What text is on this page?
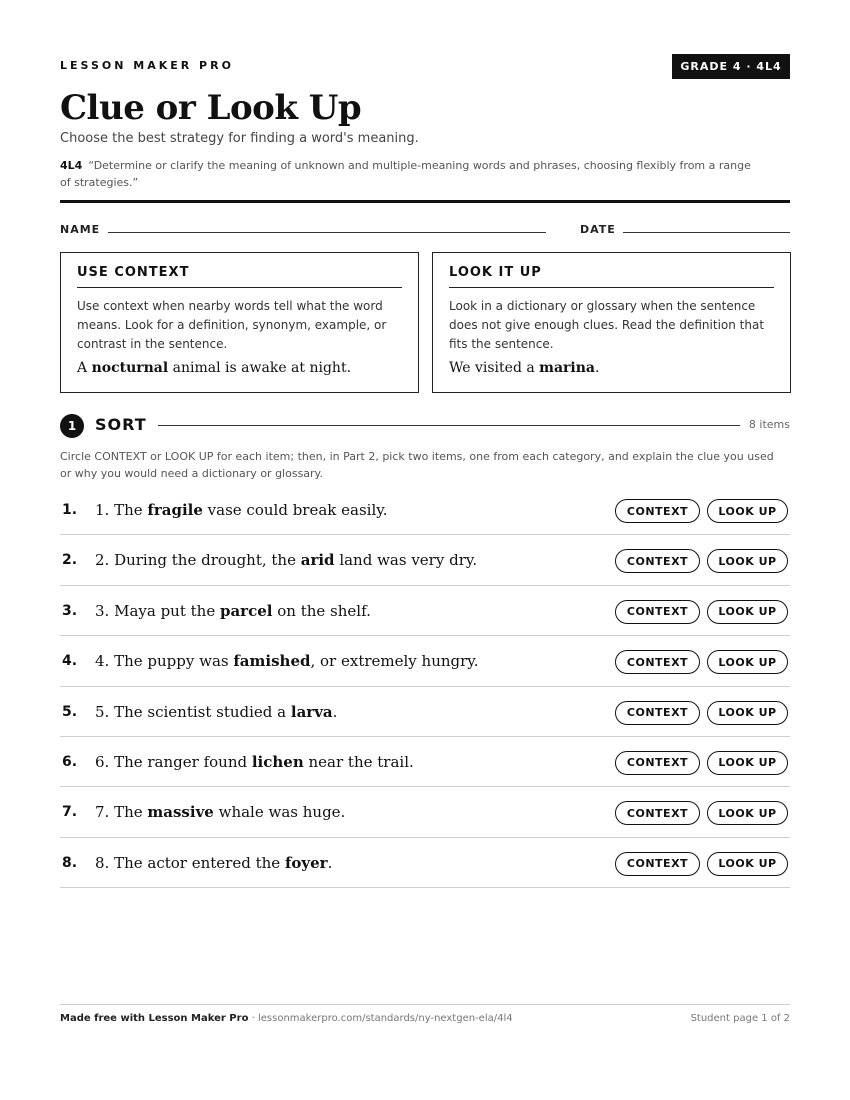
LESSON MAKER PRO	GRADE 4 · 4L4
Clue or Look Up
Choose the best strategy for finding a word's meaning.
4L4 “Determine or clarify the meaning of unknown and multiple-meaning words and phrases, choosing flexibly from a range of strategies.”
NAME	DATE
USE CONTEXT
Use context when nearby words tell what the word means. Look for a definition, synonym, example, or contrast in the sentence.
A nocturnal animal is awake at night.
LOOK IT UP
Look in a dictionary or glossary when the sentence does not give enough clues. Read the definition that fits the sentence.
We visited a marina.
1	SORT	8 items
Circle CONTEXT or LOOK UP for each item; then, in Part 2, pick two items, one from each category, and explain the clue you used or why you would need a dictionary or glossary.
1. 1. The fragile vase could break easily.	CONTEXT	LOOK UP
2. 2. During the drought, the arid land was very dry.	CONTEXT	LOOK UP
3. 3. Maya put the parcel on the shelf.	CONTEXT	LOOK UP
4. 4. The puppy was famished, or extremely hungry.	CONTEXT	LOOK UP
5. 5. The scientist studied a larva.	CONTEXT	LOOK UP
6. 6. The ranger found lichen near the trail.	CONTEXT	LOOK UP
7. 7. The massive whale was huge.	CONTEXT	LOOK UP
8. 8. The actor entered the foyer.	CONTEXT	LOOK UP
Made free with Lesson Maker Pro · lessonmakerpro.com/standards/ny-nextgen-ela/4l4	Student page 1 of 2
